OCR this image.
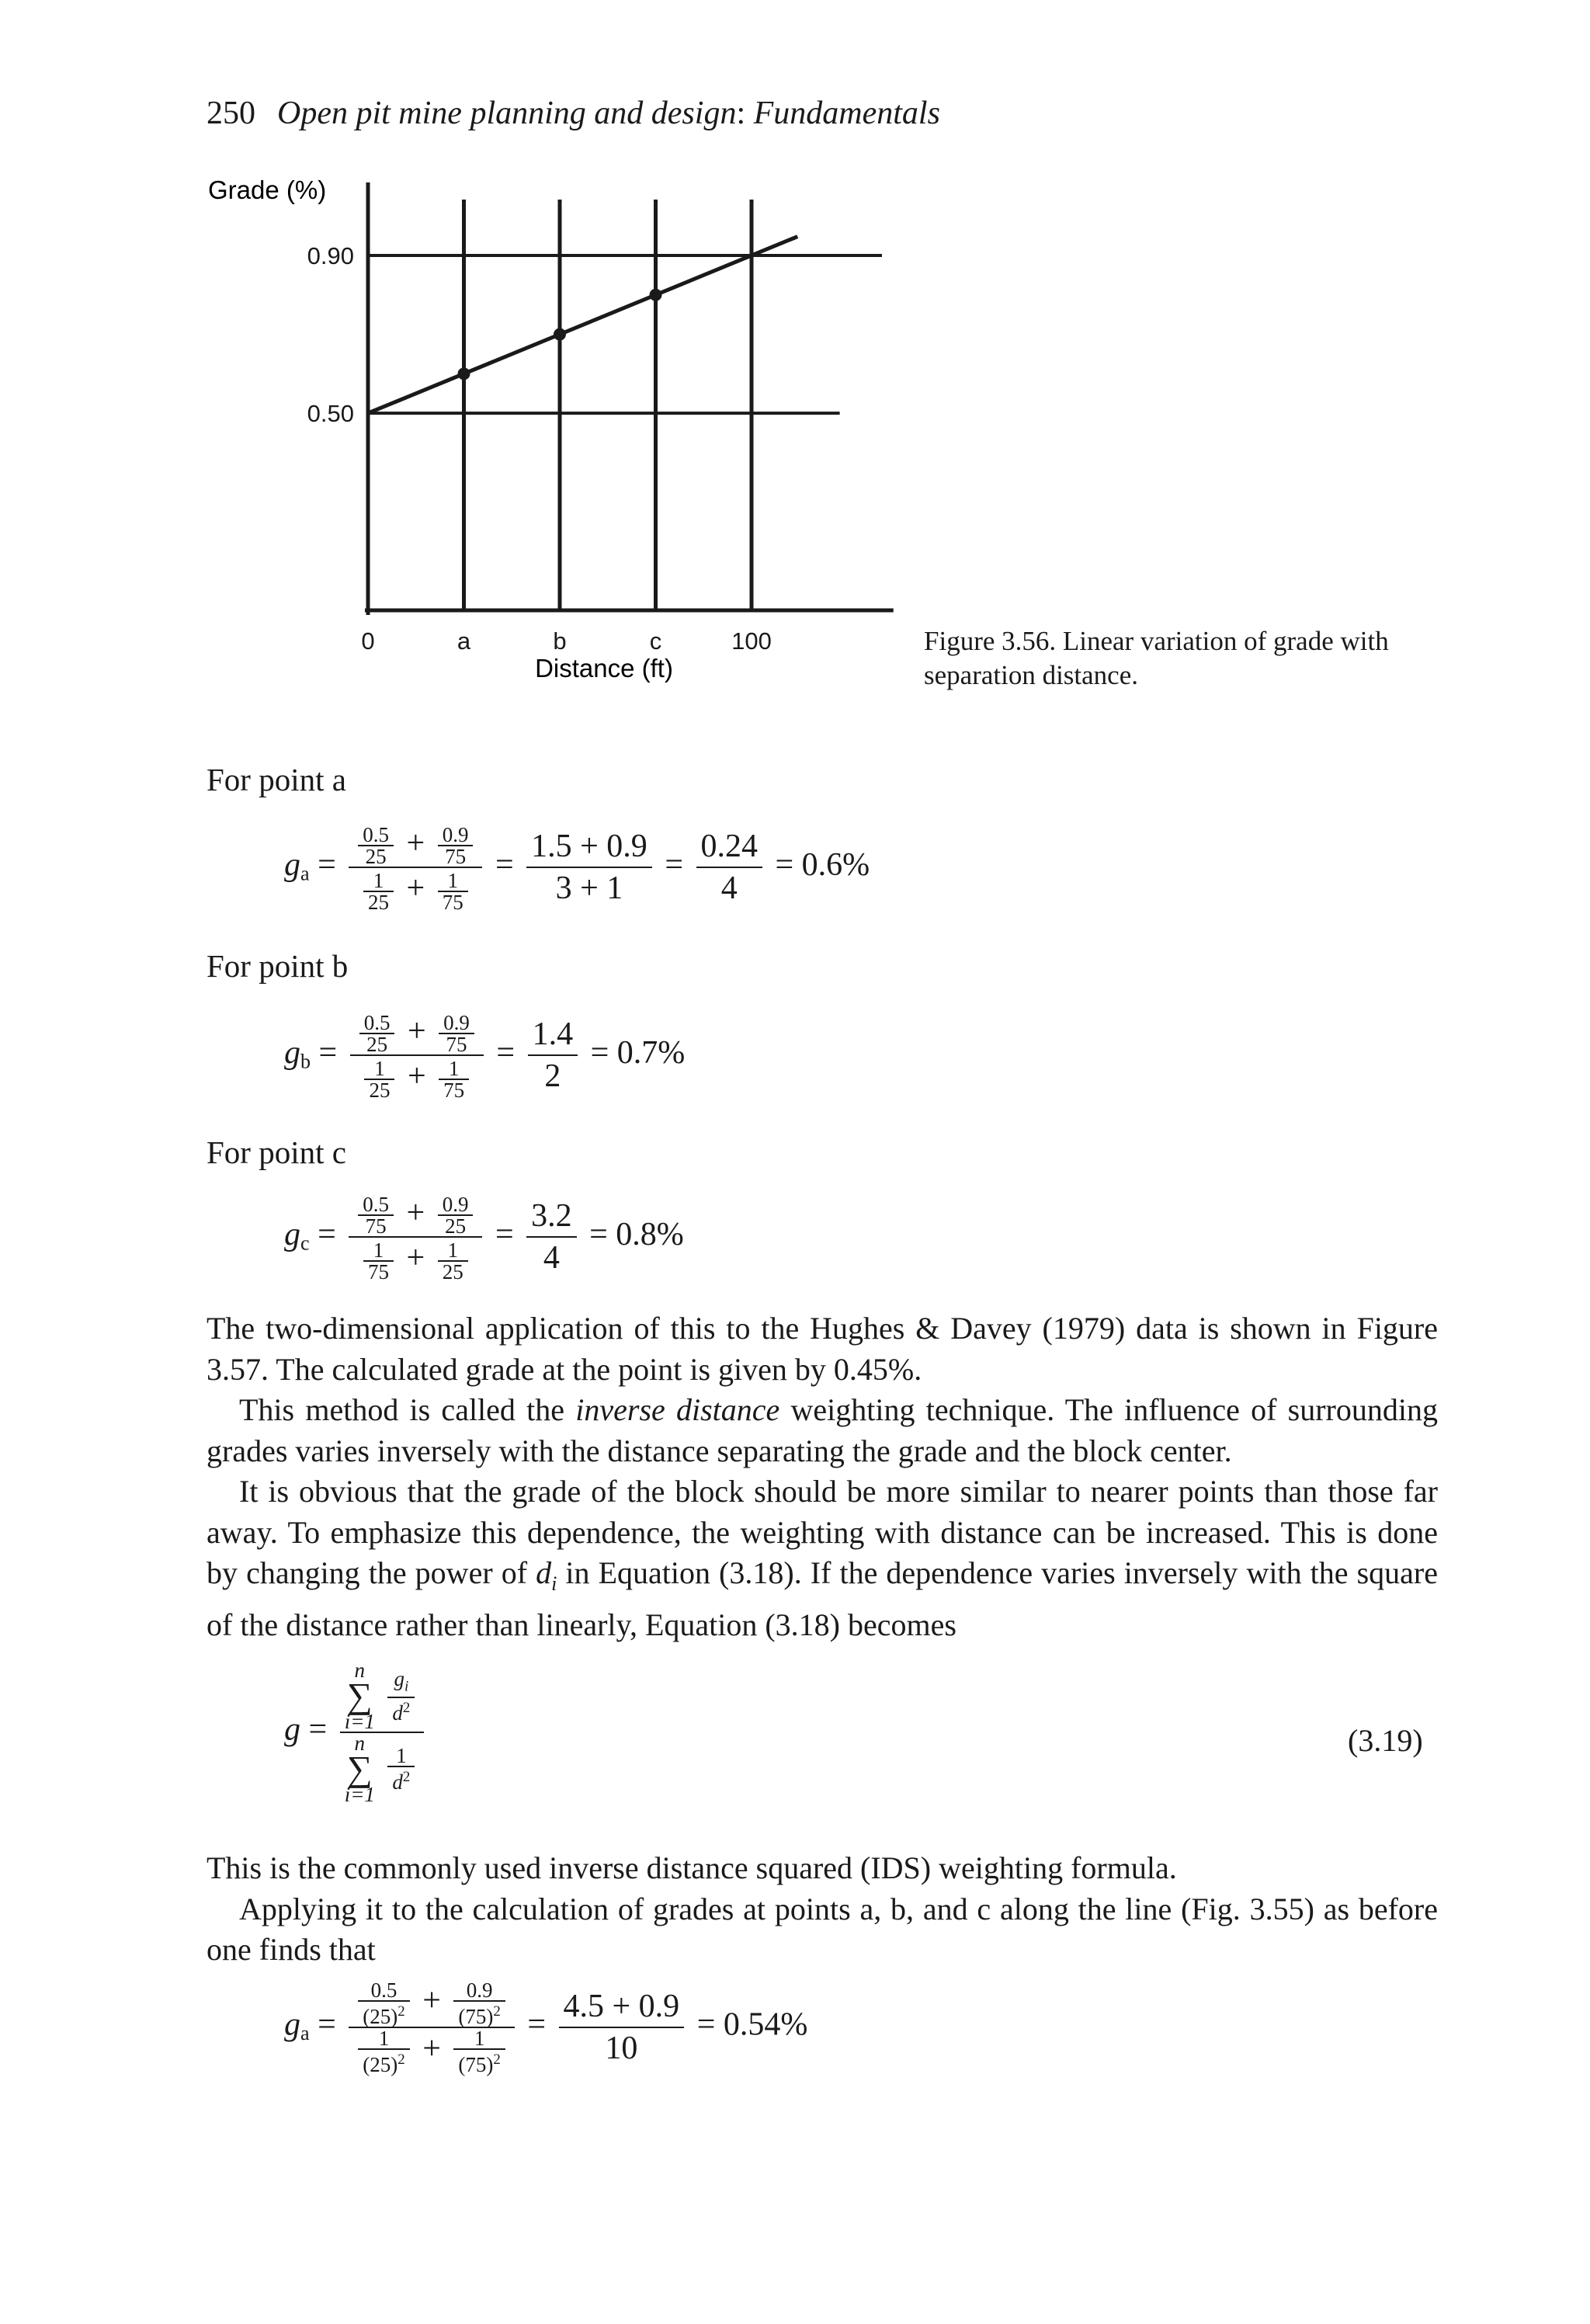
250 Open pit mine planning and design: Fundamentals
Grade (%)
Distance (ft)
0.90
0.50
0	a	b	c	100	Figure 3.56. Linear variation of grade with separation distance.
For point a
$g_a = \frac{\frac{0.5}{25} + \frac{0.9}{75}}{\frac{1}{25} + \frac{1}{75}} = \frac{1.5 + 0.9}{3 + 1} = \frac{0.24}{4} = 0.6\%$
For point b
$g_b = \frac{\frac{0.5}{25} + \frac{0.9}{75}}{\frac{1}{25} + \frac{1}{75}} = \frac{1.4}{2} = 0.7\%$
For point c
$g_c = \frac{\frac{0.5}{75} + \frac{0.9}{25}}{\frac{1}{75} + \frac{1}{25}} = \frac{3.2}{4} = 0.8\%$

The two-dimensional application of this to the Hughes & Davey (1979) data is shown in Figure 3.57. The calculated grade at the point is given by 0.45%.

This method is called the inverse distance weighting technique. The influence of surrounding grades varies inversely with the distance separating the grade and the block center.

It is obvious that the grade of the block should be more similar to nearer points than those far away. To emphasize this dependence, the weighting with distance can be increased. This is done by changing the power of $d_i$ in Equation (3.18). If the dependence varies inversely with the square of the distance rather than linearly, Equation (3.18) becomes

g = n
∑
i=1
$\frac{g_i}{d^2}$
n
∑
i=1

$\frac{1}{d^2}$	(3.19)

This is the commonly used inverse distance squared (IDS) weighting formula.

Applying it to the calculation of grades at points a, b, and c along the line (Fig. 3.55) as before one finds that

$g_a = \frac{\frac{0.5}{(25)^2} + \frac{0.9}{(75)^2}}{\frac{1}{(25)^2} + \frac{1}{(75)^2}} = \frac{4.5 + 0.9}{10} = 0.54\%$
